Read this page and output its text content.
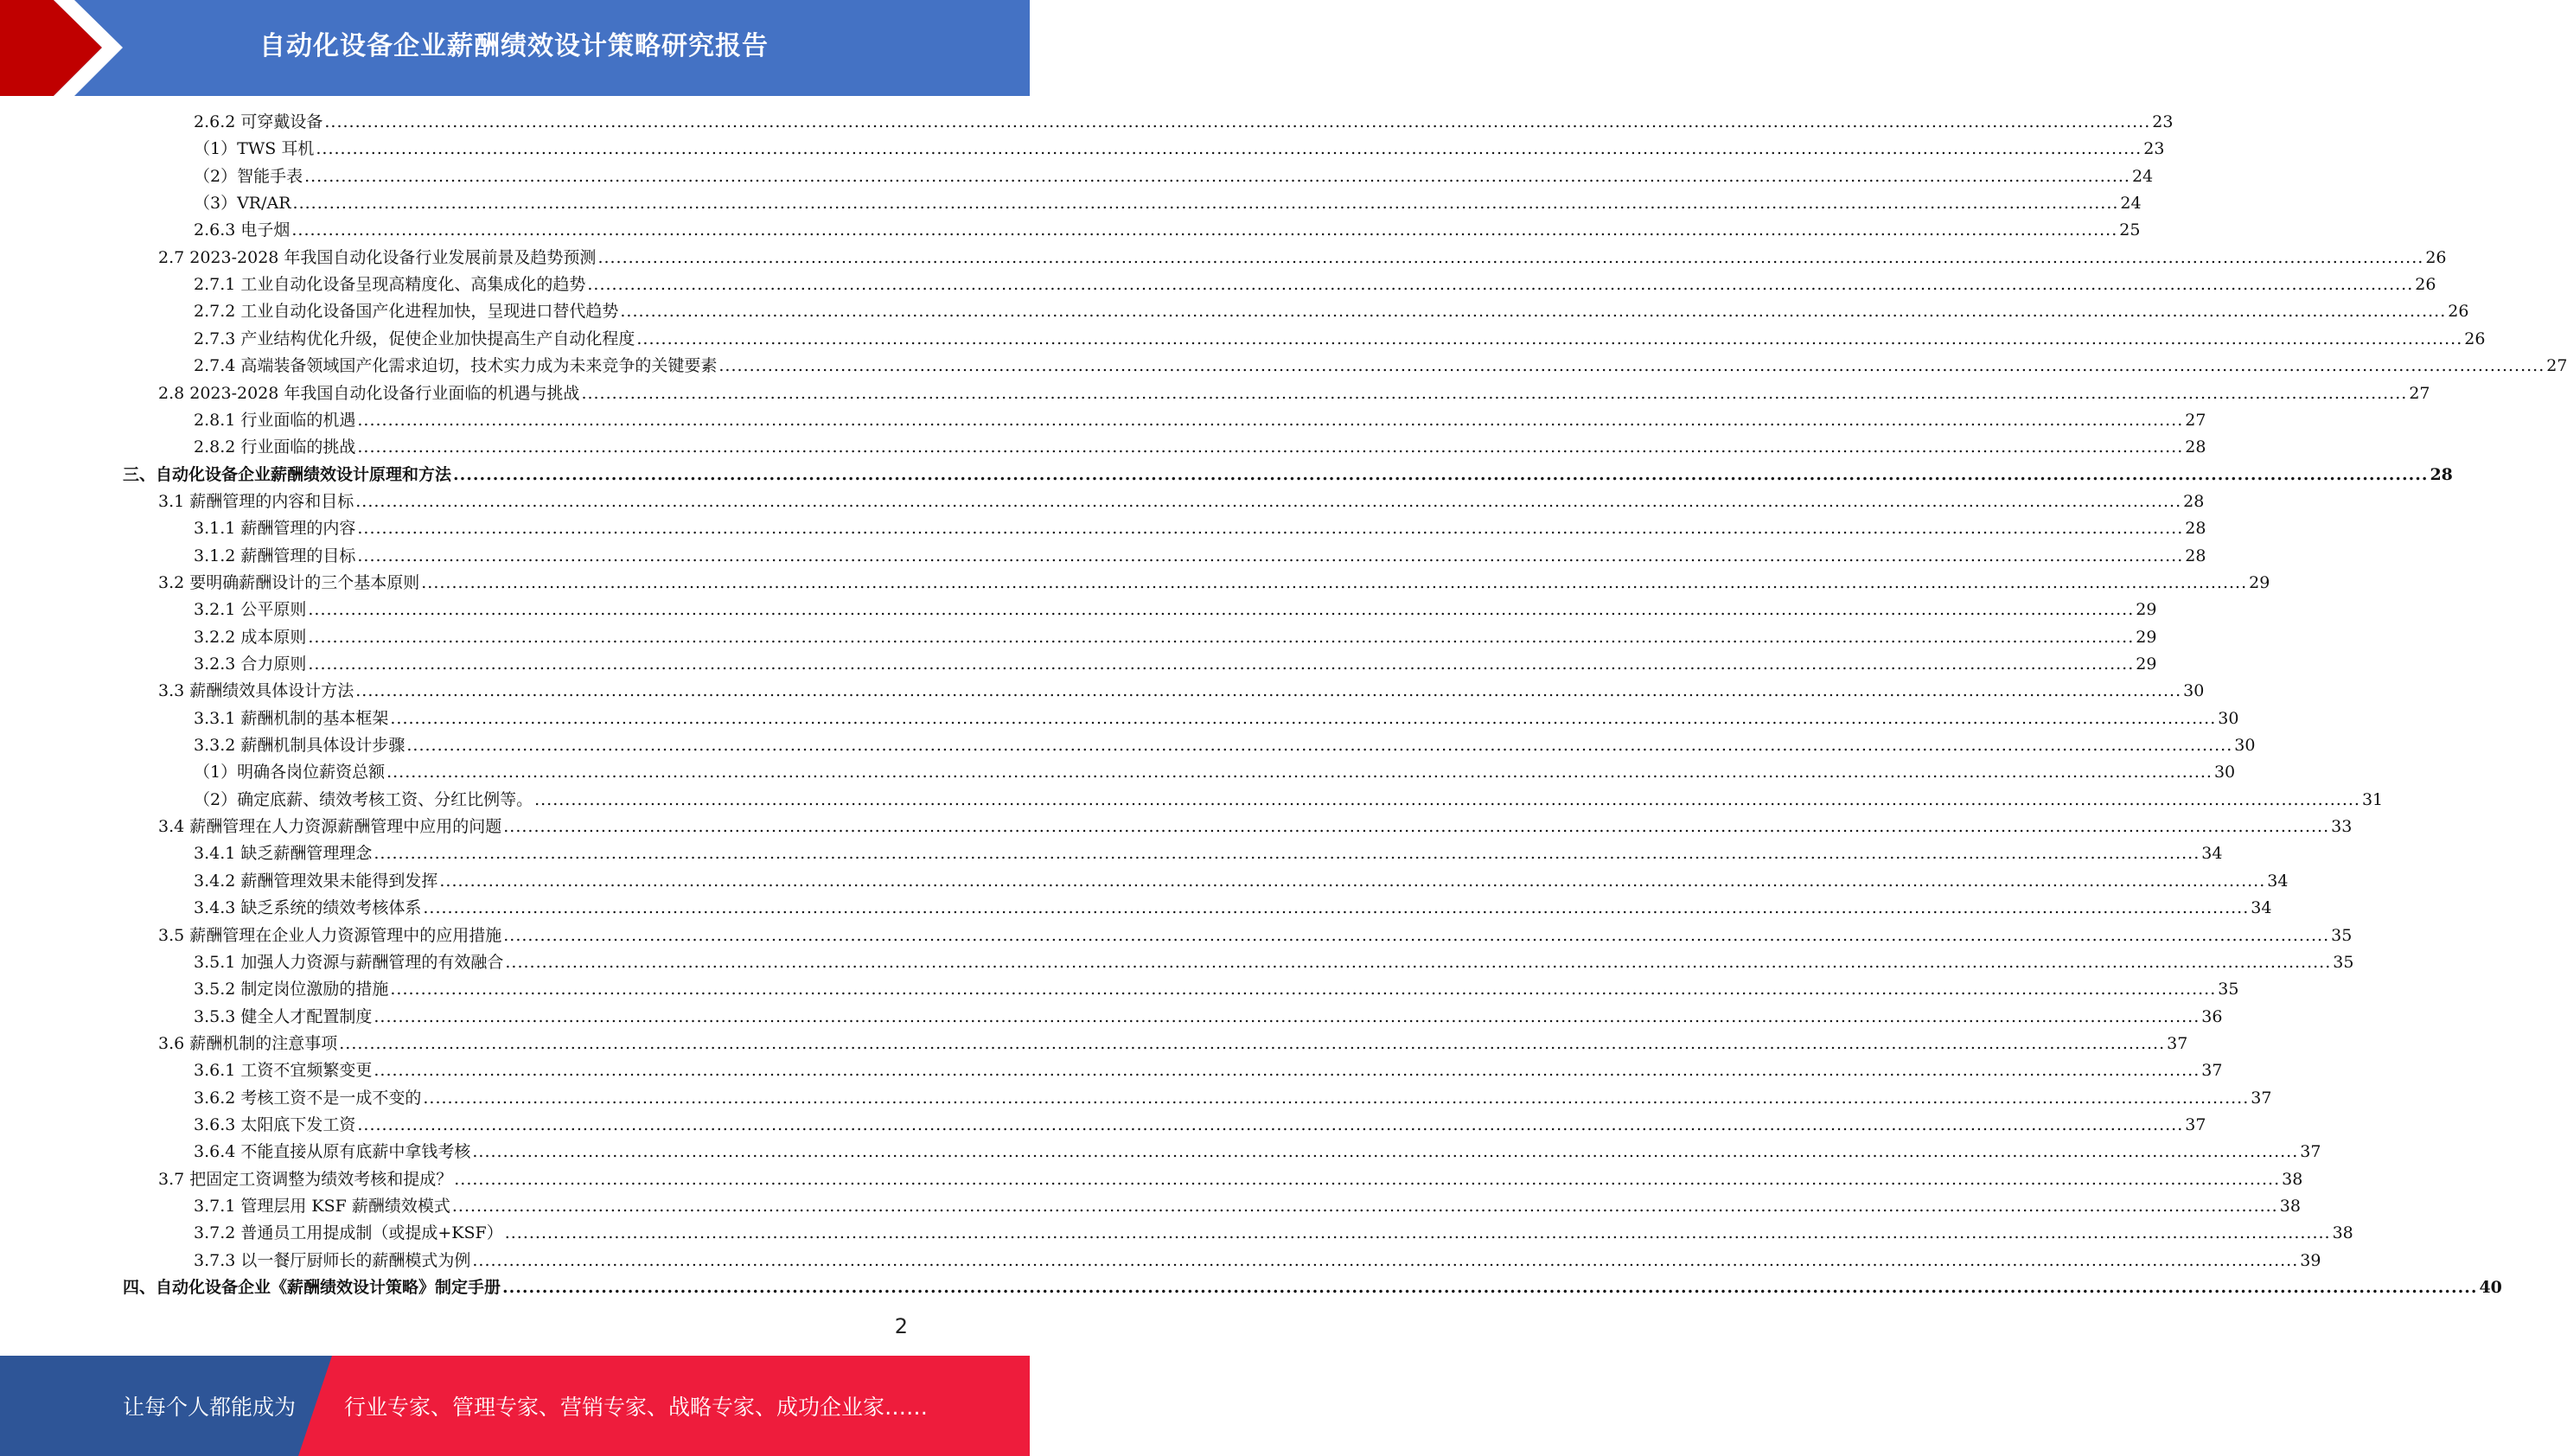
自动化设备企业薪酬绩效设计策略研究报告
2.6.2 可穿戴设备 ............................................................................................................................................................................................................................................................................................................ 23
（1）TWS 耳机 ............................................................................................................................................................................................................................................................................................................ 23
（2）智能手表 ............................................................................................................................................................................................................................................................................................................ 24
（3）VR/AR ............................................................................................................................................................................................................................................................................................................ 24
2.6.3 电子烟 ............................................................................................................................................................................................................................................................................................................ 25
2.7 2023-2028 年我国自动化设备行业发展前景及趋势预测 ............................................................................................................................................................................................................................................................................................................ 26
2.7.1 工业自动化设备呈现高精度化、高集成化的趋势 ............................................................................................................................................................................................................................................................................................................ 26
2.7.2 工业自动化设备国产化进程加快，呈现进口替代趋势 ............................................................................................................................................................................................................................................................................................................ 26
2.7.3 产业结构优化升级，促使企业加快提高生产自动化程度 ............................................................................................................................................................................................................................................................................................................ 26
2.7.4 高端装备领域国产化需求迫切，技术实力成为未来竞争的关键要素 ............................................................................................................................................................................................................................................................................................................ 27
2.8 2023-2028 年我国自动化设备行业面临的机遇与挑战 ............................................................................................................................................................................................................................................................................................................ 27
2.8.1 行业面临的机遇 ............................................................................................................................................................................................................................................................................................................ 27
2.8.2 行业面临的挑战 ............................................................................................................................................................................................................................................................................................................ 28
三、自动化设备企业薪酬绩效设计原理和方法 ............................................................................................................................................................................................................................................................................................................ 28
3.1 薪酬管理的内容和目标 ............................................................................................................................................................................................................................................................................................................ 28
3.1.1 薪酬管理的内容 ............................................................................................................................................................................................................................................................................................................ 28
3.1.2 薪酬管理的目标 ............................................................................................................................................................................................................................................................................................................ 28
3.2 要明确薪酬设计的三个基本原则 ............................................................................................................................................................................................................................................................................................................ 29
3.2.1 公平原则 ............................................................................................................................................................................................................................................................................................................ 29
3.2.2 成本原则 ............................................................................................................................................................................................................................................................................................................ 29
3.2.3 合力原则 ............................................................................................................................................................................................................................................................................................................ 29
3.3 薪酬绩效具体设计方法 ............................................................................................................................................................................................................................................................................................................ 30
3.3.1 薪酬机制的基本框架 ............................................................................................................................................................................................................................................................................................................ 30
3.3.2 薪酬机制具体设计步骤 ............................................................................................................................................................................................................................................................................................................ 30
（1）明确各岗位薪资总额 ............................................................................................................................................................................................................................................................................................................ 30
（2）确定底薪、绩效考核工资、分红比例等。 ............................................................................................................................................................................................................................................................................................................ 31
3.4 薪酬管理在人力资源薪酬管理中应用的问题 ............................................................................................................................................................................................................................................................................................................ 33
3.4.1 缺乏薪酬管理理念 ............................................................................................................................................................................................................................................................................................................ 34
3.4.2 薪酬管理效果未能得到发挥 ............................................................................................................................................................................................................................................................................................................ 34
3.4.3 缺乏系统的绩效考核体系 ............................................................................................................................................................................................................................................................................................................ 34
3.5 薪酬管理在企业人力资源管理中的应用措施 ............................................................................................................................................................................................................................................................................................................ 35
3.5.1 加强人力资源与薪酬管理的有效融合 ............................................................................................................................................................................................................................................................................................................ 35
3.5.2 制定岗位激励的措施 ............................................................................................................................................................................................................................................................................................................ 35
3.5.3 健全人才配置制度 ............................................................................................................................................................................................................................................................................................................ 36
3.6 薪酬机制的注意事项 ............................................................................................................................................................................................................................................................................................................ 37
3.6.1 工资不宜频繁变更 ............................................................................................................................................................................................................................................................................................................ 37
3.6.2 考核工资不是一成不变的 ............................................................................................................................................................................................................................................................................................................ 37
3.6.3 太阳底下发工资 ............................................................................................................................................................................................................................................................................................................ 37
3.6.4 不能直接从原有底薪中拿钱考核 ............................................................................................................................................................................................................................................................................................................ 37
3.7 把固定工资调整为绩效考核和提成？ ............................................................................................................................................................................................................................................................................................................ 38
3.7.1 管理层用 KSF 薪酬绩效模式 ............................................................................................................................................................................................................................................................................................................ 38
3.7.2 普通员工用提成制（或提成+KSF） ............................................................................................................................................................................................................................................................................................................ 38
3.7.3 以一餐厅厨师长的薪酬模式为例 ............................................................................................................................................................................................................................................................................................................ 39
四、自动化设备企业《薪酬绩效设计策略》制定手册 ............................................................................................................................................................................................................................................................................................................ 40
2
让每个人都能成为 行业专家、管理专家、营销专家、战略专家、成功企业家……
